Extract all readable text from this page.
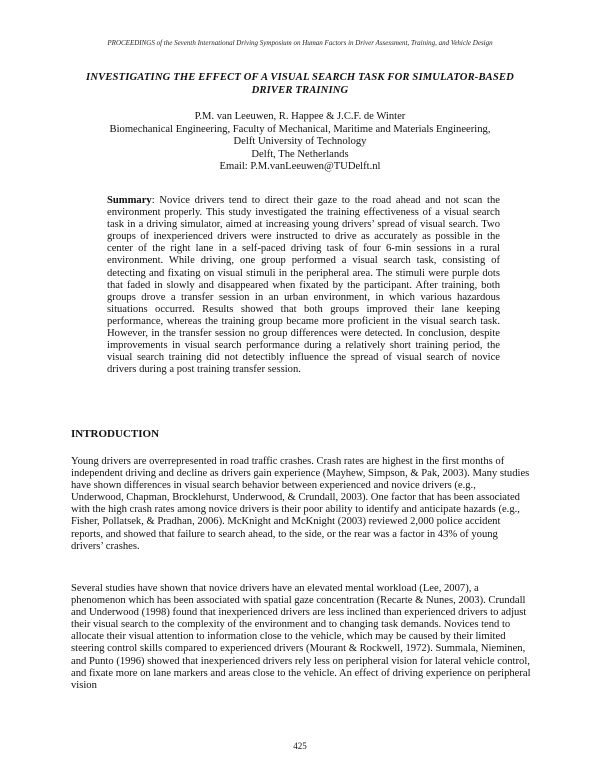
PROCEEDINGS of the Seventh International Driving Symposium on Human Factors in Driver Assessment, Training, and Vehicle Design
INVESTIGATING THE EFFECT OF A VISUAL SEARCH TASK FOR SIMULATOR-BASED DRIVER TRAINING
P.M. van Leeuwen, R. Happee & J.C.F. de Winter
Biomechanical Engineering, Faculty of Mechanical, Maritime and Materials Engineering,
Delft University of Technology
Delft, The Netherlands
Email: P.M.vanLeeuwen@TUDelft.nl
Summary: Novice drivers tend to direct their gaze to the road ahead and not scan the environment properly. This study investigated the training effectiveness of a visual search task in a driving simulator, aimed at increasing young drivers’ spread of visual search. Two groups of inexperienced drivers were instructed to drive as accurately as possible in the center of the right lane in a self-paced driving task of four 6-min sessions in a rural environment. While driving, one group performed a visual search task, consisting of detecting and fixating on visual stimuli in the peripheral area. The stimuli were purple dots that faded in slowly and disappeared when fixated by the participant. After training, both groups drove a transfer session in an urban environment, in which various hazardous situations occurred. Results showed that both groups improved their lane keeping performance, whereas the training group became more proficient in the visual search task. However, in the transfer session no group differences were detected. In conclusion, despite improvements in visual search performance during a relatively short training period, the visual search training did not detectibly influence the spread of visual search of novice drivers during a post training transfer session.
INTRODUCTION
Young drivers are overrepresented in road traffic crashes. Crash rates are highest in the first months of independent driving and decline as drivers gain experience (Mayhew, Simpson, & Pak, 2003). Many studies have shown differences in visual search behavior between experienced and novice drivers (e.g., Underwood, Chapman, Brocklehurst, Underwood, & Crundall, 2003). One factor that has been associated with the high crash rates among novice drivers is their poor ability to identify and anticipate hazards (e.g., Fisher, Pollatsek, & Pradhan, 2006). McKnight and McKnight (2003) reviewed 2,000 police accident reports, and showed that failure to search ahead, to the side, or the rear was a factor in 43% of young drivers’ crashes.
Several studies have shown that novice drivers have an elevated mental workload (Lee, 2007), a phenomenon which has been associated with spatial gaze concentration (Recarte & Nunes, 2003). Crundall and Underwood (1998) found that inexperienced drivers are less inclined than experienced drivers to adjust their visual search to the complexity of the environment and to changing task demands. Novices tend to allocate their visual attention to information close to the vehicle, which may be caused by their limited steering control skills compared to experienced drivers (Mourant & Rockwell, 1972). Summala, Nieminen, and Punto (1996) showed that inexperienced drivers rely less on peripheral vision for lateral vehicle control, and fixate more on lane markers and areas close to the vehicle. An effect of driving experience on peripheral vision
425
